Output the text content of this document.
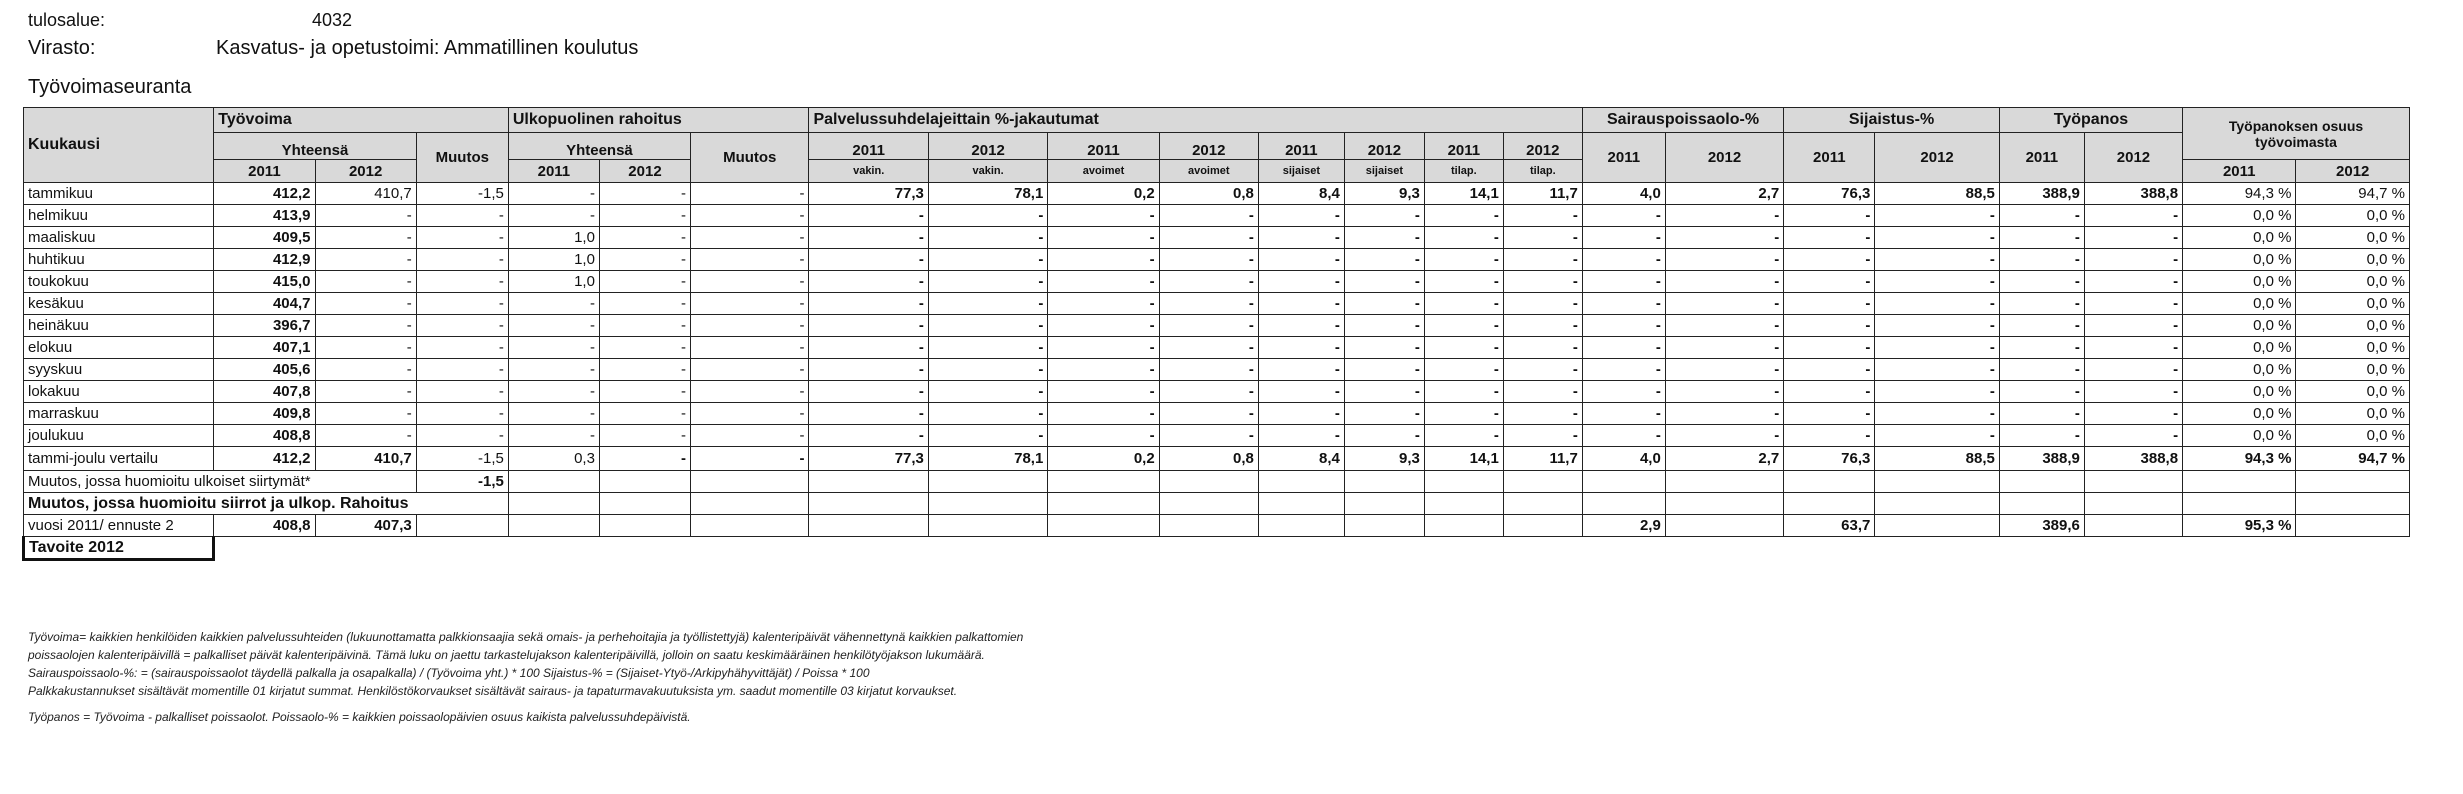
tulosalue:	4032
Virasto:	Kasvatus- ja opetustoimi: Ammatillinen koulutus
Työvoimaseuranta
Kuukausi	Työvoima			Ulkopuolinen rahoitus			Palvelussuhdelajeittain %-jakautumat								Sairauspoissaolo-%		Sijaistus-%		Työpanos		Työpanoksen osuus työvoimasta	
	Yhteensä		Muutos	Yhteensä		Muutos	2011	2012	2011	2012	2011	2012	2011	2012	2011	2012	2011	2012	2011	2012		
	2011	2012		2011	2012		vakin.	vakin.	avoimet	avoimet	sijaiset	sijaiset	tilap.	tilap.							2011	2012
tammikuu	412,2	410,7	-1,5	-	-	-	77,3	78,1	0,2	0,8	8,4	9,3	14,1	11,7	4,0	2,7	76,3	88,5	388,9	388,8	94,3 %	94,7 %
helmikuu	413,9	-	-	-	-	-	-	-	-	-	-	-	-	-	-	-	-	-	-	-	0,0 %	0,0 %
maaliskuu	409,5	-	-	1,0	-	-	-	-	-	-	-	-	-	-	-	-	-	-	-	-	0,0 %	0,0 %
huhtikuu	412,9	-	-	1,0	-	-	-	-	-	-	-	-	-	-	-	-	-	-	-	-	0,0 %	0,0 %
toukokuu	415,0	-	-	1,0	-	-	-	-	-	-	-	-	-	-	-	-	-	-	-	-	0,0 %	0,0 %
kesäkuu	404,7	-	-	-	-	-	-	-	-	-	-	-	-	-	-	-	-	-	-	-	0,0 %	0,0 %
heinäkuu	396,7	-	-	-	-	-	-	-	-	-	-	-	-	-	-	-	-	-	-	-	0,0 %	0,0 %
elokuu	407,1	-	-	-	-	-	-	-	-	-	-	-	-	-	-	-	-	-	-	-	0,0 %	0,0 %
syyskuu	405,6	-	-	-	-	-	-	-	-	-	-	-	-	-	-	-	-	-	-	-	0,0 %	0,0 %
lokakuu	407,8	-	-	-	-	-	-	-	-	-	-	-	-	-	-	-	-	-	-	-	0,0 %	0,0 %
marraskuu	409,8	-	-	-	-	-	-	-	-	-	-	-	-	-	-	-	-	-	-	-	0,0 %	0,0 %
joulukuu	408,8	-	-	-	-	-	-	-	-	-	-	-	-	-	-	-	-	-	-	-	0,0 %	0,0 %
tammi-joulu vertailu	412,2	410,7	-1,5	0,3	-	-	77,3	78,1	0,2	0,8	8,4	9,3	14,1	11,7	4,0	2,7	76,3	88,5	388,9	388,8	94,3 %	94,7 %
Muutos, jossa huomioitu ulkoiset siirtymät*			-1,5																			
Muutos, jossa huomioitu siirrot ja ulkop. Rahoitus																						
vuosi 2011/ ennuste 2	408,8	407,3													2,9		63,7		389,6		95,3 %	
Tavoite 2012																						
Työvoima= kaikkien henkilöiden kaikkien palvelussuhteiden (lukuunottamatta palkkionsaajia sekä omais- ja perhehoitajia ja työllistettyjä) kalenteripäivät vähennettynä kaikkien palkattomien
poissaolojen kalenteripäivillä = palkalliset päivät kalenteripäivinä. Tämä luku on jaettu tarkastelujakson kalenteripäivillä, jolloin on saatu keskimääräinen henkilötyöjakson lukumäärä.
Sairauspoissaolo-%: = (sairauspoissaolot täydellä palkalla ja osapalkalla) / (Työvoima yht.) * 100 Sijaistus-% = (Sijaiset-Ytyö-/Arkipyhähyvittäjät) / Poissa * 100
Palkkakustannukset sisältävät momentille 01 kirjatut summat. Henkilöstökorvaukset sisältävät sairaus- ja tapaturmavakuutuksista ym. saadut momentille 03 kirjatut korvaukset.
Työpanos = Työvoima - palkalliset poissaolot. Poissaolo-% = kaikkien poissaolopäivien osuus kaikista palvelussuhdepäivistä.
